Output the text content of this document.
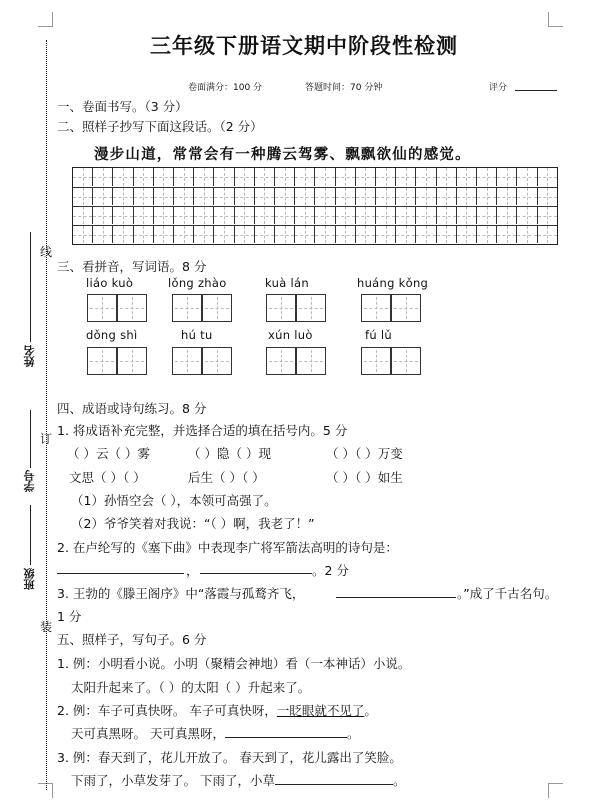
姓名
学号
班级
线
订
装
三年级下册语文期中阶段性检测
卷面满分：100 分	答题时间：70 分钟	评分
一、卷面书写。（3 分）
二、照样子抄写下面这段话。（2 分）
漫步山道，常常会有一种腾云驾雾、飘飘欲仙的感觉。
三、看拼音，写词语。8 分
liáo kuò	lǒng zhào	kuà lán	huáng kǒng
dǒng shì	hú tu	xún luò	fú lǔ
四、成语或诗句练习。8 分
1. 将成语补充完整，并选择合适的填在括号内。5 分
（ ）云（ ）雾	（ ）隐（ ）现	（ ）（ ）万变
文思（ ）（ ）	后生（ ）（ ）	（ ）（ ）如生
（1）孙悟空会（ ），本领可高强了。
（2）爷爷笑着对我说：“（ ）啊，我老了！”
2. 在卢纶写的《塞下曲》中表现李广将军箭法高明的诗句是：
，	。2 分
3. 王勃的《滕王阁序》中“落霞与孤鹜齐飞，	。”成了千古名句。
1 分
五、照样子，写句子。6 分
1. 例：小明看小说。小明（聚精会神地）看（一本神话）小说。
太阳升起来了。（ ）的太阳（ ）升起来了。
2. 例：车子可真快呀。 车子可真快呀，一眨眼就不见了。
天可真黑呀。 天可真黑呀，	。
3. 例：春天到了，花儿开放了。 春天到了，花儿露出了笑脸。
下雨了，小草发芽了。 下雨了，小草	。
